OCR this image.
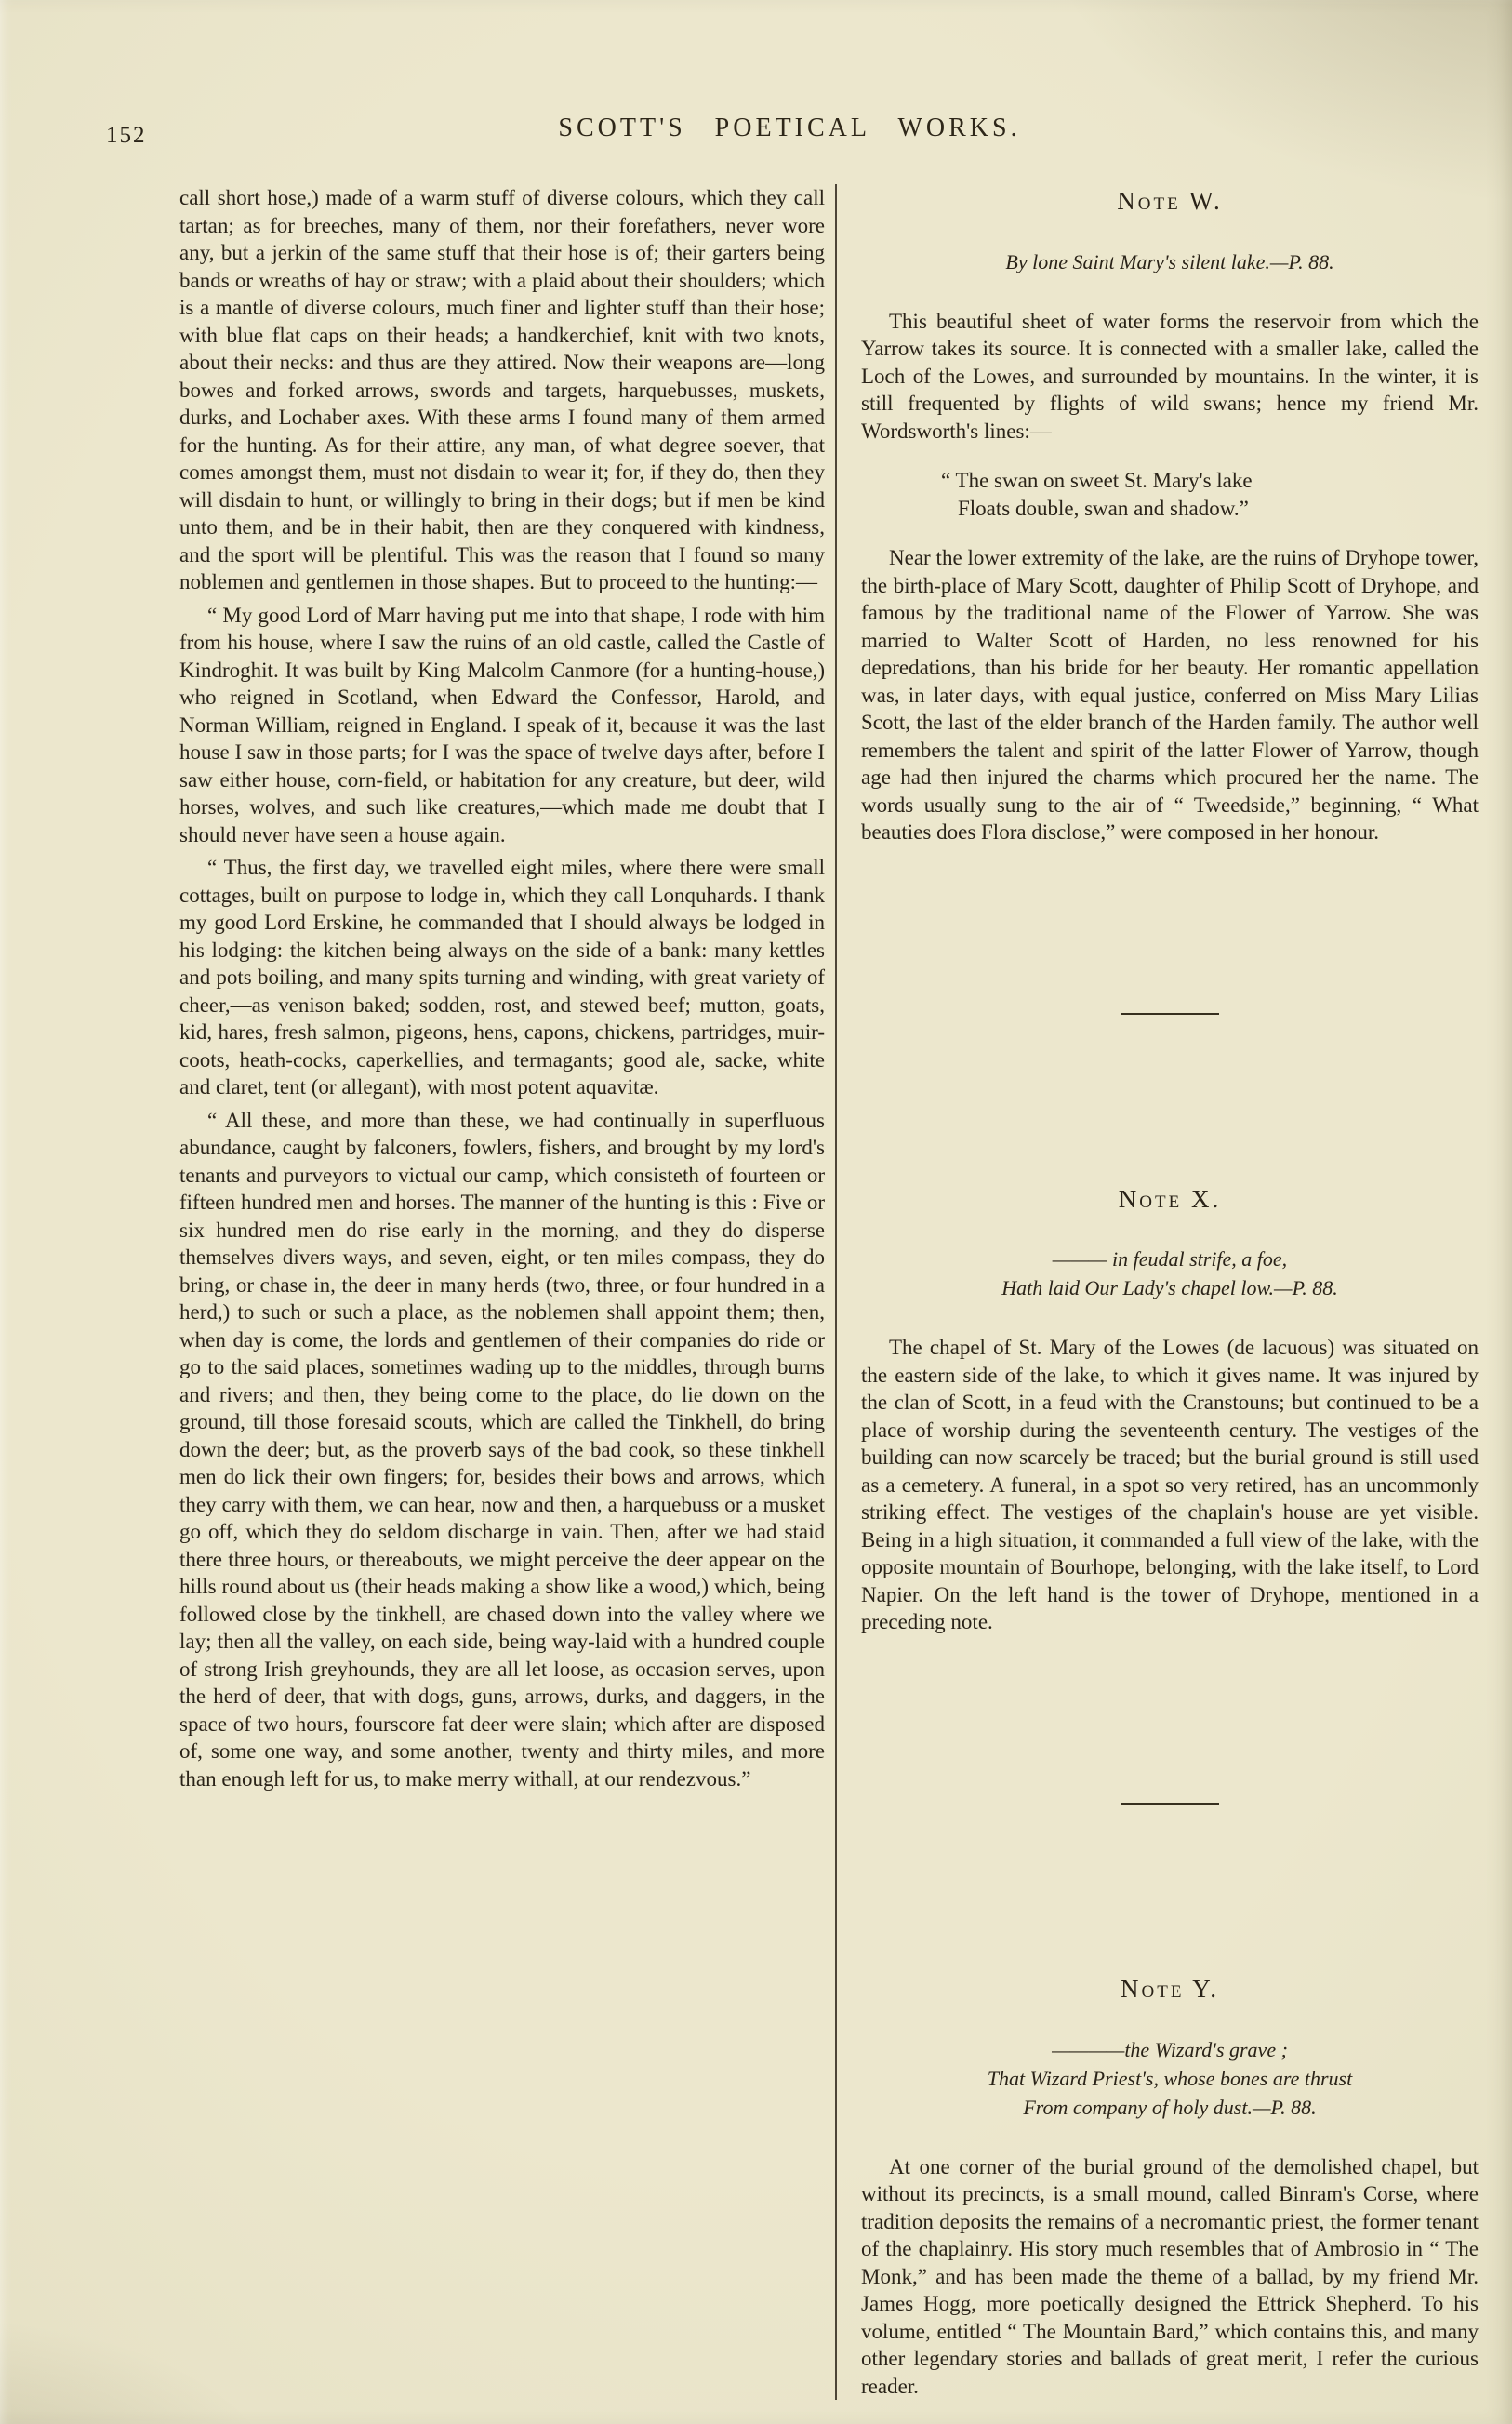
152	SCOTT'S POETICAL WORKS.

call short hose,) made of a warm stuff of diverse colours, which they call tartan; as for breeches, many of them, nor their forefathers, never wore any, but a jerkin of the same stuff that their hose is of; their garters being bands or wreaths of hay or straw; with a plaid about their shoulders; which is a mantle of diverse colours, much finer and lighter stuff than their hose; with blue flat caps on their heads; a handkerchief, knit with two knots, about their necks: and thus are they attired. Now their weapons are—long bowes and forked arrows, swords and targets, harquebusses, muskets, durks, and Lochaber axes. With these arms I found many of them armed for the hunting. As for their attire, any man, of what degree soever, that comes amongst them, must not disdain to wear it; for, if they do, then they will disdain to hunt, or willingly to bring in their dogs; but if men be kind unto them, and be in their habit, then are they conquered with kindness, and the sport will be plentiful. This was the reason that I found so many noblemen and gentlemen in those shapes. But to proceed to the hunting:—

“ My good Lord of Marr having put me into that shape, I rode with him from his house, where I saw the ruins of an old castle, called the Castle of Kindroghit. It was built by King Malcolm Canmore (for a hunting-house,) who reigned in Scotland, when Edward the Confessor, Harold, and Norman William, reigned in England. I speak of it, because it was the last house I saw in those parts; for I was the space of twelve days after, before I saw either house, corn-field, or habitation for any creature, but deer, wild horses, wolves, and such like creatures,—which made me doubt that I should never have seen a house again.

“ Thus, the first day, we travelled eight miles, where there were small cottages, built on purpose to lodge in, which they call Lonquhards. I thank my good Lord Erskine, he commanded that I should always be lodged in his lodging: the kitchen being always on the side of a bank: many kettles and pots boiling, and many spits turning and winding, with great variety of cheer,—as venison baked; sodden, rost, and stewed beef; mutton, goats, kid, hares, fresh salmon, pigeons, hens, capons, chickens, partridges, muir-coots, heath-cocks, caperkellies, and termagants; good ale, sacke, white and claret, tent (or allegant), with most potent aquavitæ.

“ All these, and more than these, we had continually in superfluous abundance, caught by falconers, fowlers, fishers, and brought by my lord's tenants and purveyors to victual our camp, which consisteth of fourteen or fifteen hundred men and horses. The manner of the hunting is this : Five or six hundred men do rise early in the morning, and they do disperse themselves divers ways, and seven, eight, or ten miles compass, they do bring, or chase in, the deer in many herds (two, three, or four hundred in a herd,) to such or such a place, as the noblemen shall appoint them; then, when day is come, the lords and gentlemen of their companies do ride or go to the said places, sometimes wading up to the middles, through burns and rivers; and then, they being come to the place, do lie down on the ground, till those foresaid scouts, which are called the Tinkhell, do bring down the deer; but, as the proverb says of the bad cook, so these tinkhell men do lick their own fingers; for, besides their bows and arrows, which they carry with them, we can hear, now and then, a harquebuss or a musket go off, which they do seldom discharge in vain. Then, after we had staid there three hours, or thereabouts, we might perceive the deer appear on the hills round about us (their heads making a show like a wood,) which, being followed close by the tinkhell, are chased down into the valley where we lay; then all the valley, on each side, being way-laid with a hundred couple of strong Irish greyhounds, they are all let loose, as occasion serves, upon the herd of deer, that with dogs, guns, arrows, durks, and daggers, in the space of two hours, fourscore fat deer were slain; which after are disposed of, some one way, and some another, twenty and thirty miles, and more than enough left for us, to make merry withall, at our rendezvous.”

Note W.
By lone Saint Mary's silent lake.—P. 88.

This beautiful sheet of water forms the reservoir from which the Yarrow takes its source. It is connected with a smaller lake, called the Loch of the Lowes, and surrounded by mountains. In the winter, it is still frequented by flights of wild swans; hence my friend Mr. Wordsworth's lines:—

“ The swan on sweet St. Mary's lake
Floats double, swan and shadow.”

Near the lower extremity of the lake, are the ruins of Dryhope tower, the birth-place of Mary Scott, daughter of Philip Scott of Dryhope, and famous by the traditional name of the Flower of Yarrow. She was married to Walter Scott of Harden, no less renowned for his depredations, than his bride for her beauty. Her romantic appellation was, in later days, with equal justice, conferred on Miss Mary Lilias Scott, the last of the elder branch of the Harden family. The author well remembers the talent and spirit of the latter Flower of Yarrow, though age had then injured the charms which procured her the name. The words usually sung to the air of “ Tweedside,” beginning, “ What beauties does Flora disclose,” were composed in her honour.

Note X.
——— in feudal strife, a foe,
Hath laid Our Lady's chapel low.—P. 88.

The chapel of St. Mary of the Lowes (de lacuous) was situated on the eastern side of the lake, to which it gives name. It was injured by the clan of Scott, in a feud with the Cranstouns; but continued to be a place of worship during the seventeenth century. The vestiges of the building can now scarcely be traced; but the burial ground is still used as a cemetery. A funeral, in a spot so very retired, has an uncommonly striking effect. The vestiges of the chaplain's house are yet visible. Being in a high situation, it commanded a full view of the lake, with the opposite mountain of Bourhope, belonging, with the lake itself, to Lord Napier. On the left hand is the tower of Dryhope, mentioned in a preceding note.

Note Y.
————the Wizard's grave ;
That Wizard Priest's, whose bones are thrust
From company of holy dust.—P. 88.

At one corner of the burial ground of the demolished chapel, but without its precincts, is a small mound, called Binram's Corse, where tradition deposits the remains of a necromantic priest, the former tenant of the chaplainry. His story much resembles that of Ambrosio in “ The Monk,” and has been made the theme of a ballad, by my friend Mr. James Hogg, more poetically designed the Ettrick Shepherd. To his volume, entitled “ The Mountain Bard,” which contains this, and many other legendary stories and ballads of great merit, I refer the curious reader.
